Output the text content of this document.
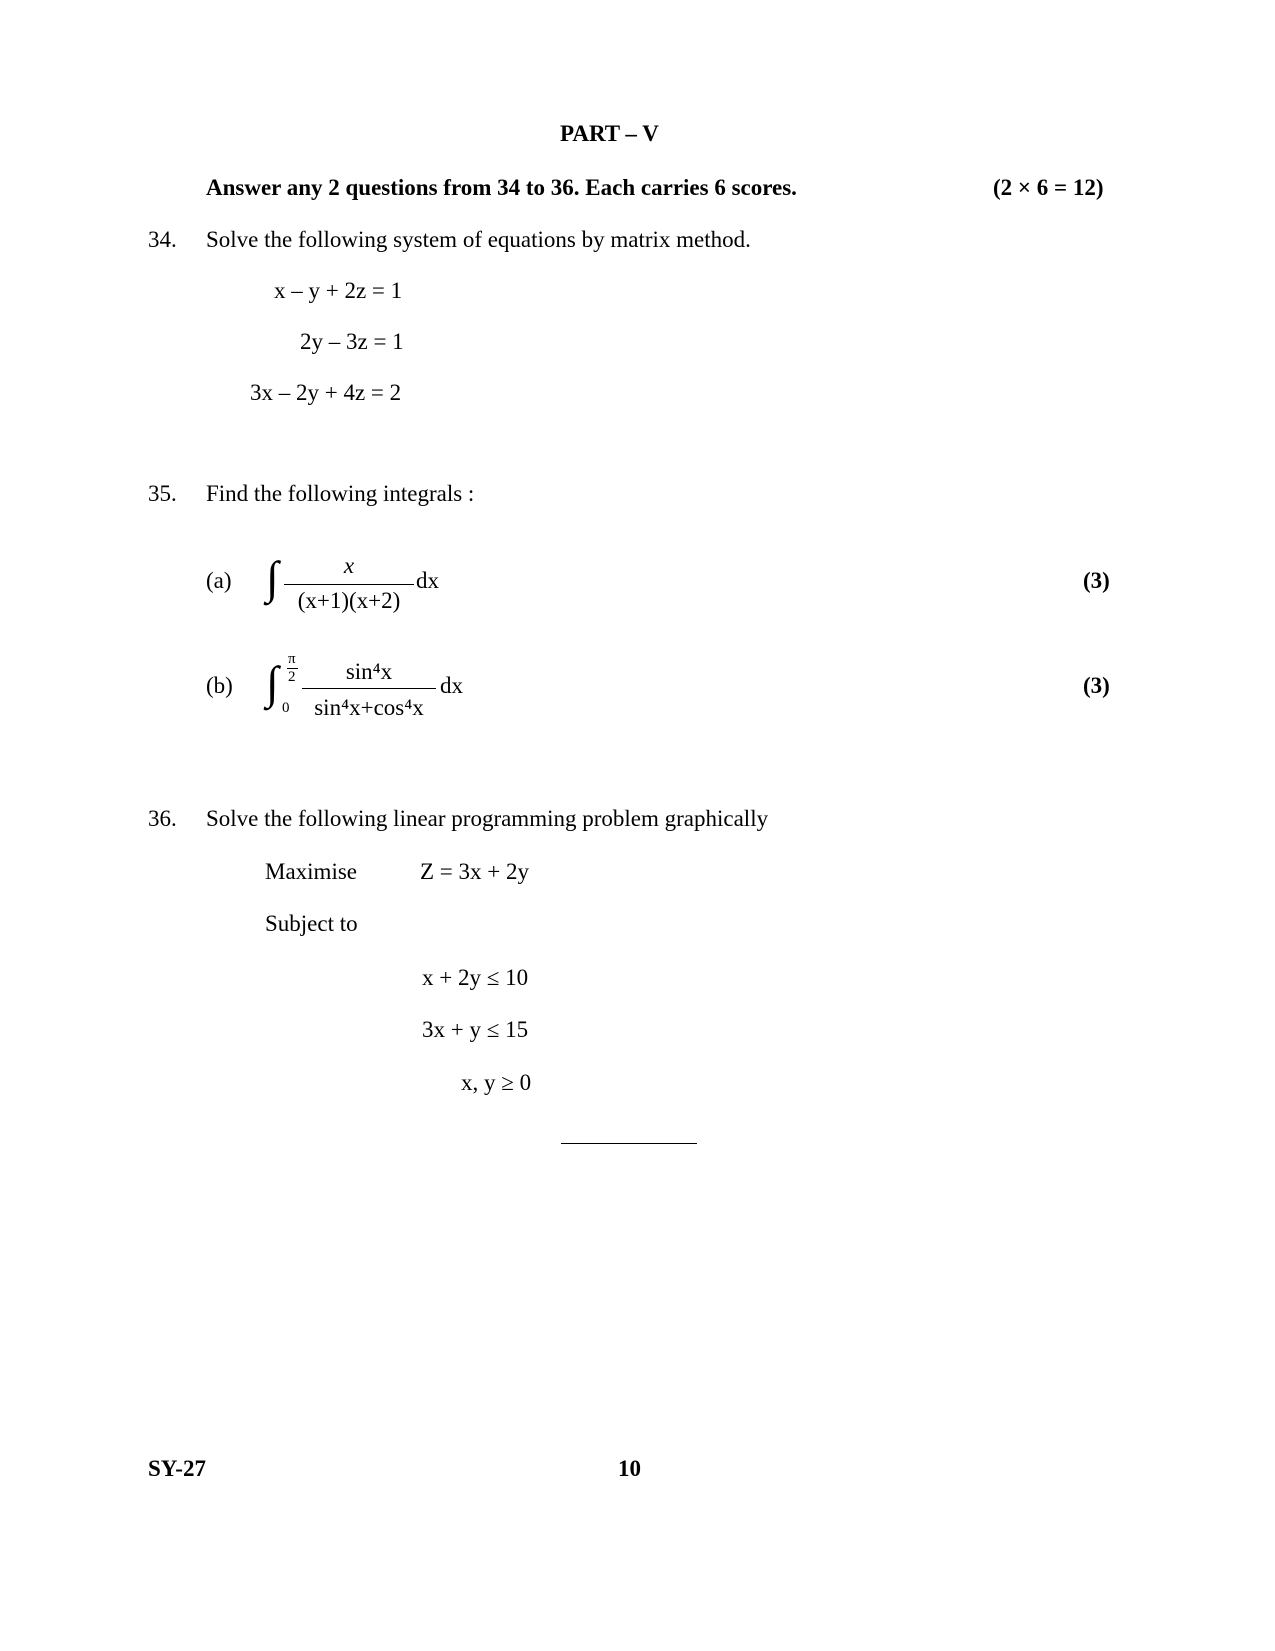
PART – V
Answer any 2 questions from 34 to 36. Each carries 6 scores.	(2 × 6 = 12)
34. Solve the following system of equations by matrix method.
x – y + 2z = 1
2y – 3z = 1
3x – 2y + 4z = 2
35. Find the following integrals :
(a) ∫	x
(x+1)(x+2)
dx	(3)
(b) ∫ π
2
0
sin⁴x
sin⁴x+cos⁴x
dx	(3)
36. Solve the following linear programming problem graphically
Maximise	Z = 3x + 2y
Subject to
x + 2y ≤ 10
3x + y ≤ 15
x, y ≥ 0
SY-27	10
